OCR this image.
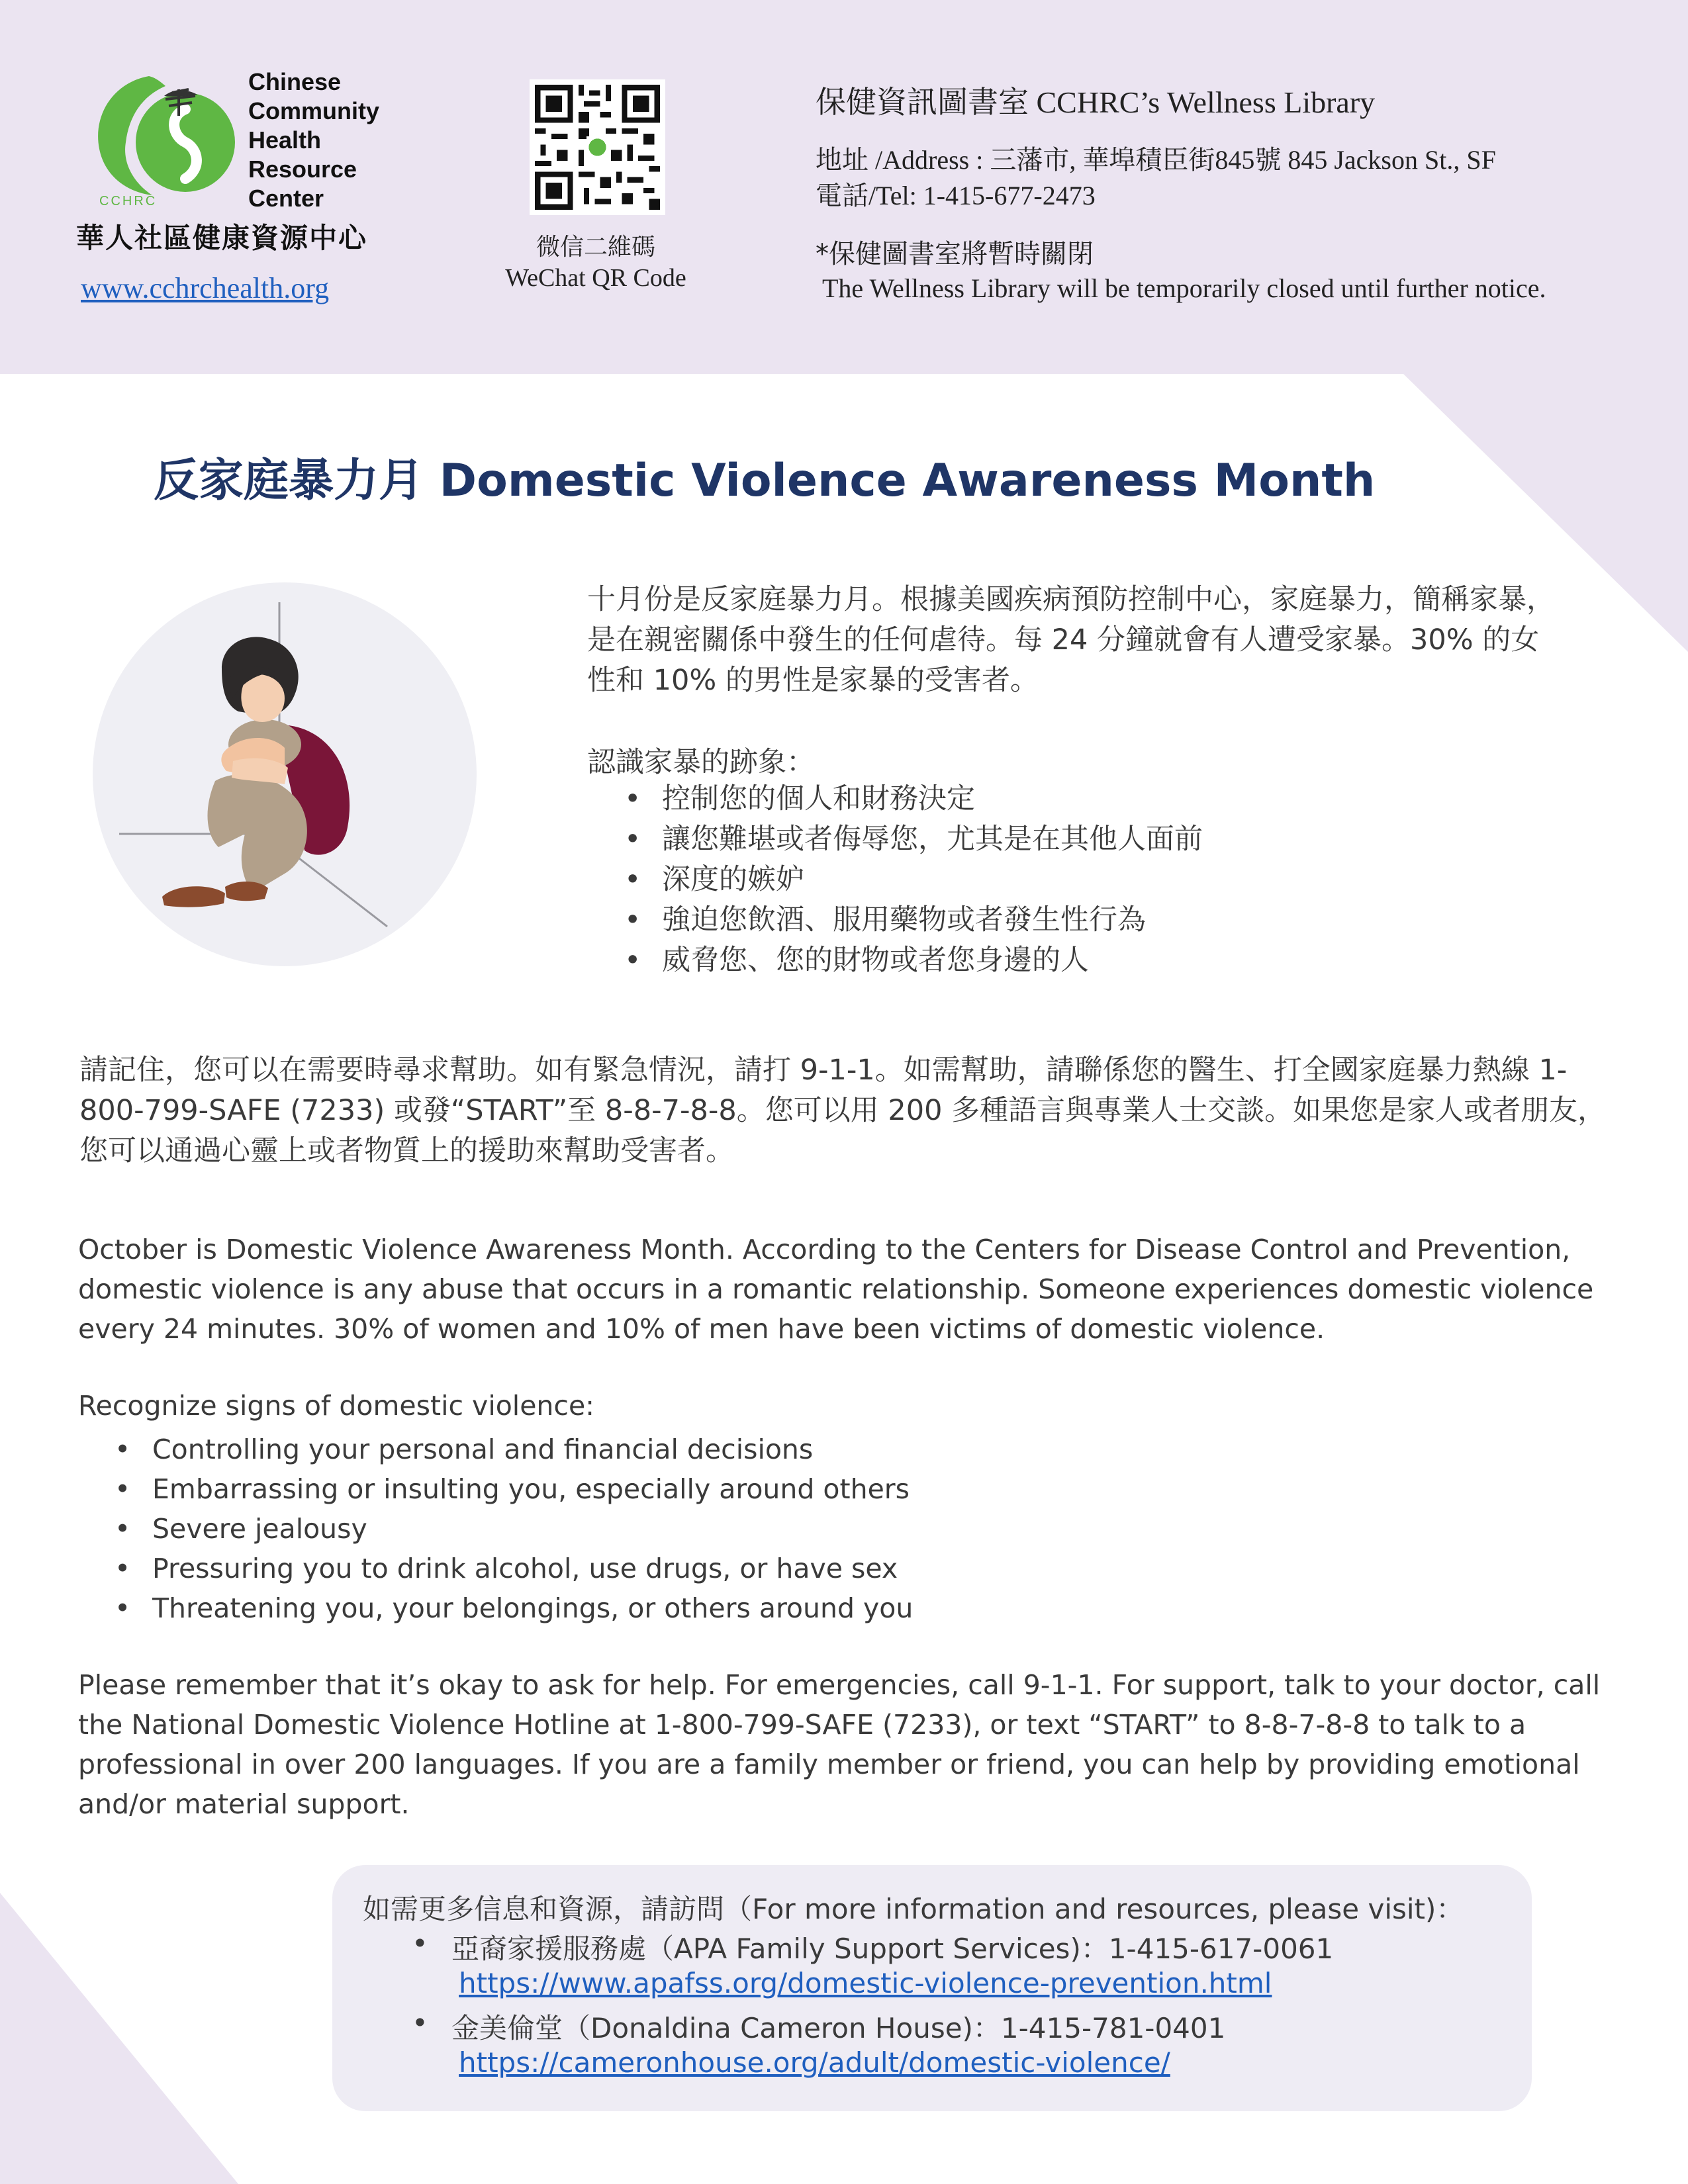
CCHRC
Chinese
Community
Health
Resource
Center
華人社區健康資源中心
www.cchrchealth.org
微信二維碼
WeChat QR Code
保健資訊圖書室 CCHRC’s Wellness Library
地址 /Address : 三藩市, 華埠積臣街845號 845 Jackson St., SF
電話/Tel: 1-415-677-2473
*保健圖書室將暫時關閉
The Wellness Library will be temporarily closed until further notice.
反家庭暴力月 Domestic Violence Awareness Month
十月份是反家庭暴力月。根據美國疾病預防控制中心，家庭暴力，簡稱家暴，是在親密關係中發生的任何虐待。每 24 分鐘就會有人遭受家暴。30% 的女性和 10% 的男性是家暴的受害者。
認識家暴的跡象：
• 控制您的個人和財務決定
• 讓您難堪或者侮辱您，尤其是在其他人面前
• 深度的嫉妒
• 強迫您飲酒、服用藥物或者發生性行為
• 威脅您、您的財物或者您身邊的人
請記住，您可以在需要時尋求幫助。如有緊急情況，請打 9-1-1。如需幫助，請聯係您的醫生、打全國家庭暴力熱線 1-800-799-SAFE (7233) 或發“START”至 8-8-7-8-8。您可以用 200 多種語言與專業人士交談。如果您是家人或者朋友，您可以通過心靈上或者物質上的援助來幫助受害者。
October is Domestic Violence Awareness Month. According to the Centers for Disease Control and Prevention, domestic violence is any abuse that occurs in a romantic relationship. Someone experiences domestic violence every 24 minutes. 30% of women and 10% of men have been victims of domestic violence.
Recognize signs of domestic violence:
• Controlling your personal and financial decisions
• Embarrassing or insulting you, especially around others
• Severe jealousy
• Pressuring you to drink alcohol, use drugs, or have sex
• Threatening you, your belongings, or others around you
Please remember that it’s okay to ask for help. For emergencies, call 9-1-1. For support, talk to your doctor, call the National Domestic Violence Hotline at 1-800-799-SAFE (7233), or text “START” to 8-8-7-8-8 to talk to a professional in over 200 languages. If you are a family member or friend, you can help by providing emotional and/or material support.
如需更多信息和資源，請訪問（For more information and resources, please visit)：
• 亞裔家援服務處（APA Family Support Services)：1-415-617-0061
https://www.apafss.org/domestic-violence-prevention.html
• 金美倫堂（Donaldina Cameron House)：1-415-781-0401
https://cameronhouse.org/adult/domestic-violence/
